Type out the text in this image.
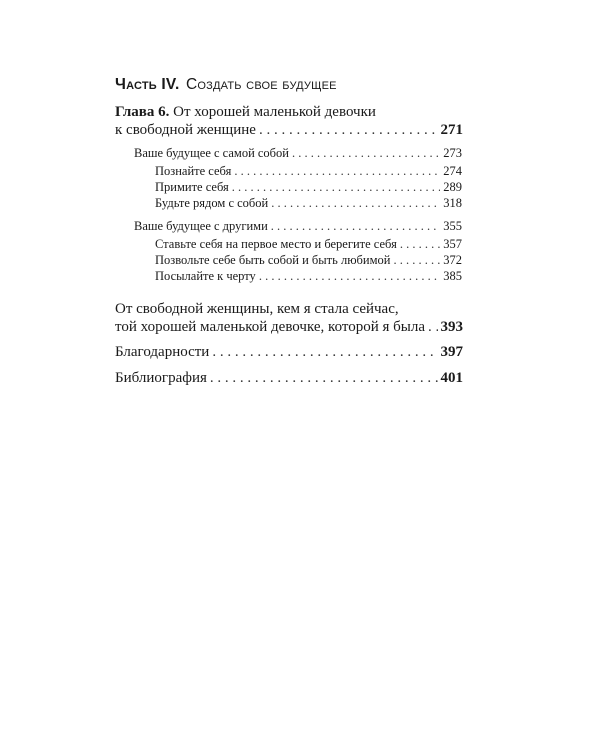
Часть IV. Создать свое будущее
Глава 6. От хорошей маленькой девочки
к свободной женщине . . .	271
Ваше будущее с самой собой . . .	273
Познайте себя . . .	274
Примите себя . . .	289
Будьте рядом с собой . . .	318
Ваше будущее с другими . . .	355
Ставьте себя на первое место и берегите себя . . .	357
Позвольте себе быть собой и быть любимой . . .	372
Посылайте к черту . . .	385
От свободной женщины, кем я стала сейчас,
той хорошей маленькой девочке, которой я была . . . 393
Благодарности . . .	397
Библиография . . .	401
